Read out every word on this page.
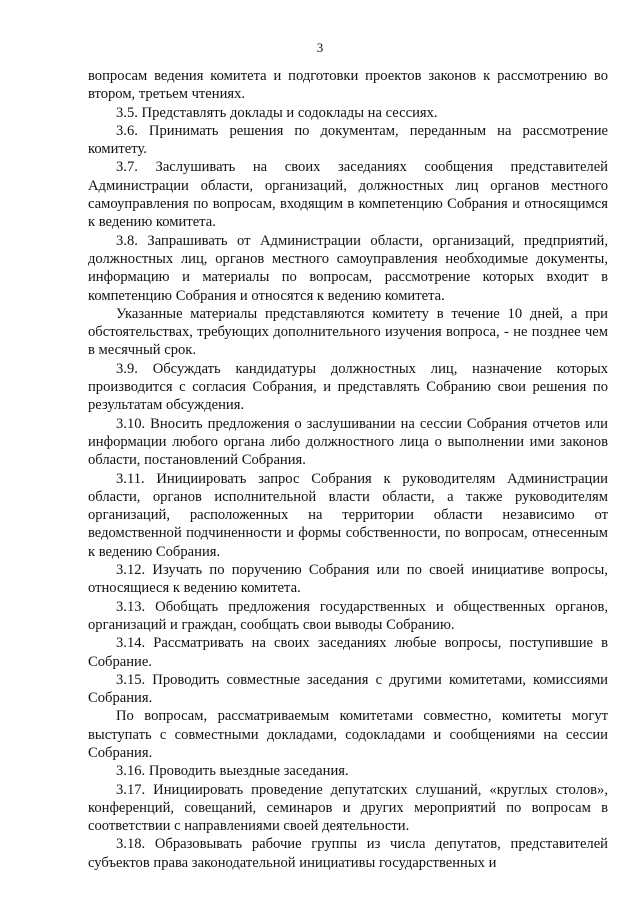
3

вопросам ведения комитета и подготовки проектов законов к рассмотрению во втором, третьем чтениях.

3.5. Представлять доклады и содоклады на сессиях.

3.6. Принимать решения по документам, переданным на рассмотрение комитету.

3.7. Заслушивать на своих заседаниях сообщения представителей Администрации области, организаций, должностных лиц органов местного самоуправления по вопросам, входящим в компетенцию Собрания и относящимся к ведению комитета.

3.8. Запрашивать от Администрации области, организаций, предприятий, должностных лиц, органов местного самоуправления необходимые документы, информацию и материалы по вопросам, рассмотрение которых входит в компетенцию Собрания и относятся к ведению комитета.

Указанные материалы представляются комитету в течение 10 дней, а при обстоятельствах, требующих дополнительного изучения вопроса, - не позднее чем в месячный срок.

3.9. Обсуждать кандидатуры должностных лиц, назначение которых производится с согласия Собрания, и представлять Собранию свои решения по результатам обсуждения.

3.10. Вносить предложения о заслушивании на сессии Собрания отчетов или информации любого органа либо должностного лица о выполнении ими законов области, постановлений Собрания.

3.11. Инициировать запрос Собрания к руководителям Администрации области, органов исполнительной власти области, а также руководителям организаций, расположенных на территории области независимо от ведомственной подчиненности и формы собственности, по вопросам, отнесенным к ведению Собрания.

3.12. Изучать по поручению Собрания или по своей инициативе вопросы, относящиеся к ведению комитета.

3.13. Обобщать предложения государственных и общественных органов, организаций и граждан, сообщать свои выводы Собранию.

3.14. Рассматривать на своих заседаниях любые вопросы, поступившие в Собрание.

3.15. Проводить совместные заседания с другими комитетами, комиссиями Собрания.

По вопросам, рассматриваемым комитетами совместно, комитеты могут выступать с совместными докладами, содокладами и сообщениями на сессии Собрания.

3.16. Проводить выездные заседания.

3.17. Инициировать проведение депутатских слушаний, «круглых столов», конференций, совещаний, семинаров и других мероприятий по вопросам в соответствии с направлениями своей деятельности.

3.18. Образовывать рабочие группы из числа депутатов, представителей субъектов права законодательной инициативы государственных и
